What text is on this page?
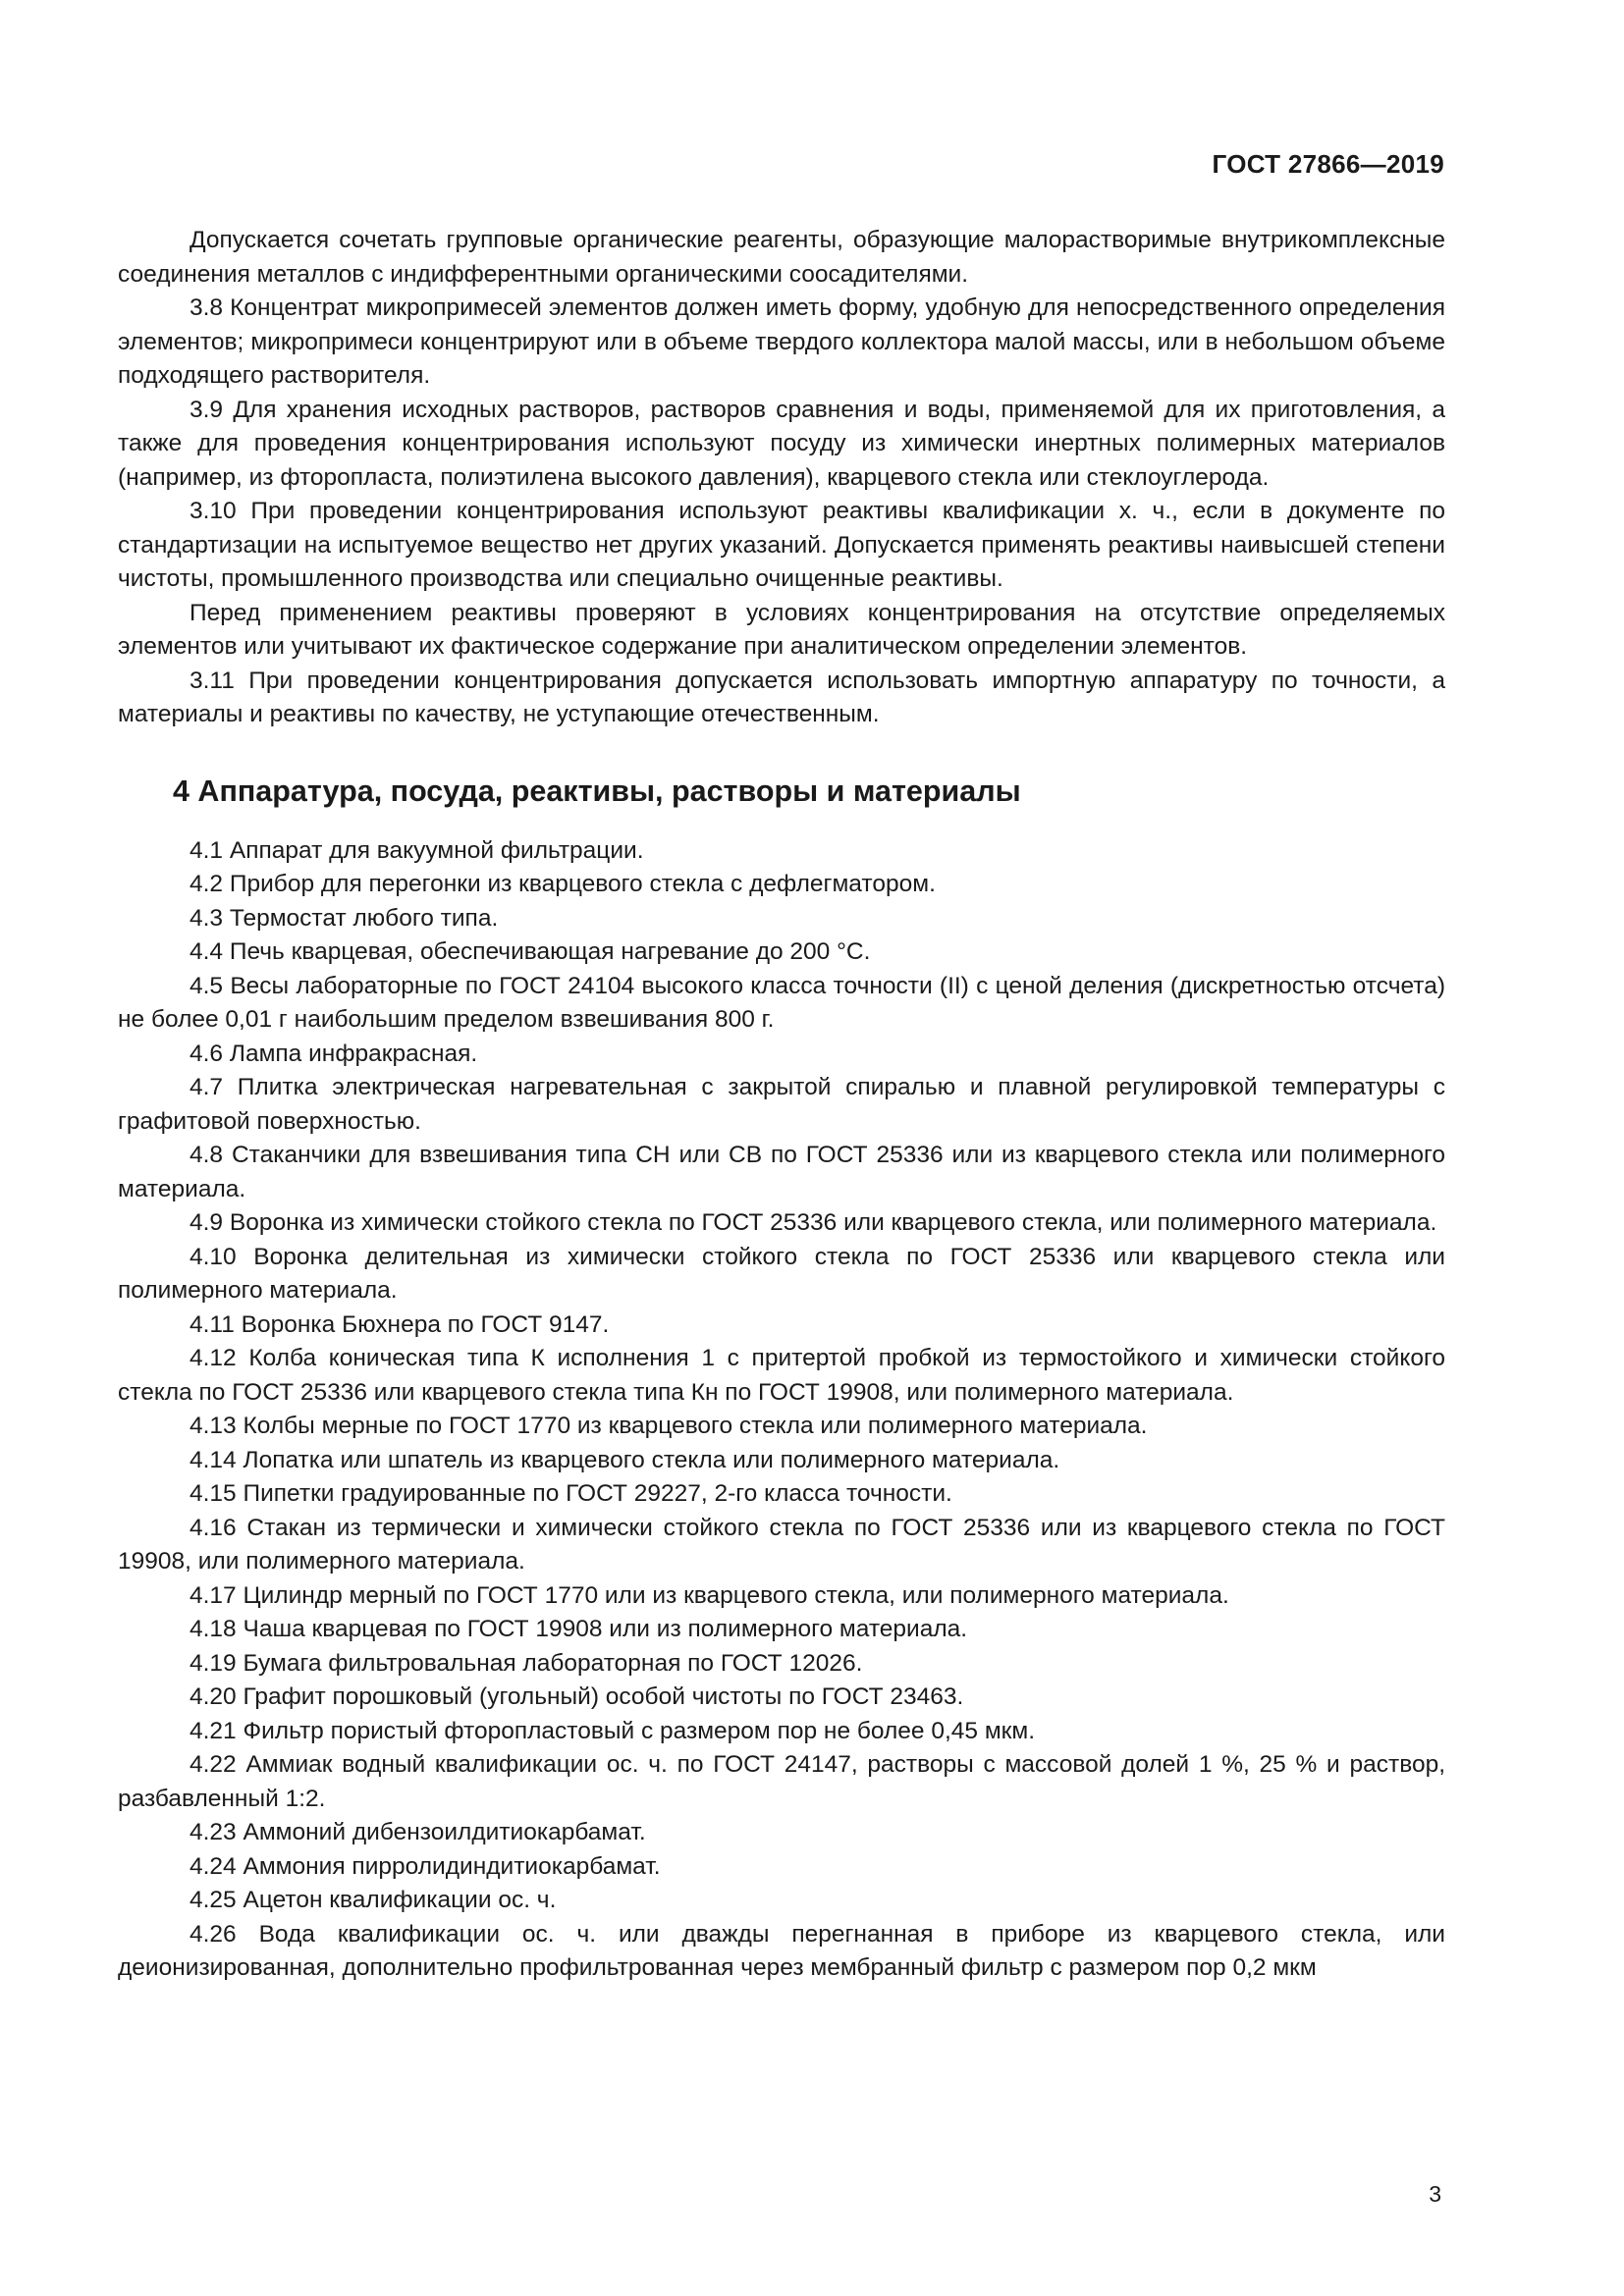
ГОСТ 27866—2019

Допускается сочетать групповые органические реагенты, образующие малорастворимые внутрикомплексные соединения металлов с индифферентными органическими соосадителями.

3.8 Концентрат микропримесей элементов должен иметь форму, удобную для непосредственного определения элементов; микропримеси концентрируют или в объеме твердого коллектора малой массы, или в небольшом объеме подходящего растворителя.

3.9 Для хранения исходных растворов, растворов сравнения и воды, применяемой для их приготовления, а также для проведения концентрирования используют посуду из химически инертных полимерных материалов (например, из фторопласта, полиэтилена высокого давления), кварцевого стекла или стеклоуглерода.

3.10 При проведении концентрирования используют реактивы квалификации х. ч., если в документе по стандартизации на испытуемое вещество нет других указаний. Допускается применять реактивы наивысшей степени чистоты, промышленного производства или специально очищенные реактивы.

Перед применением реактивы проверяют в условиях концентрирования на отсутствие определяемых элементов или учитывают их фактическое содержание при аналитическом определении элементов.

3.11 При проведении концентрирования допускается использовать импортную аппаратуру по точности, а материалы и реактивы по качеству, не уступающие отечественным.

4 Аппаратура, посуда, реактивы, растворы и материалы

4.1 Аппарат для вакуумной фильтрации.

4.2 Прибор для перегонки из кварцевого стекла с дефлегматором.

4.3 Термостат любого типа.

4.4 Печь кварцевая, обеспечивающая нагревание до 200 °С.

4.5 Весы лабораторные по ГОСТ 24104 высокого класса точности (II) с ценой деления (дискретностью отсчета) не более 0,01 г наибольшим пределом взвешивания 800 г.

4.6 Лампа инфракрасная.

4.7 Плитка электрическая нагревательная с закрытой спиралью и плавной регулировкой температуры с графитовой поверхностью.

4.8 Стаканчики для взвешивания типа СН или СВ по ГОСТ 25336 или из кварцевого стекла или полимерного материала.

4.9 Воронка из химически стойкого стекла по ГОСТ 25336 или кварцевого стекла, или полимерного материала.

4.10 Воронка делительная из химически стойкого стекла по ГОСТ 25336 или кварцевого стекла или полимерного материала.

4.11 Воронка Бюхнера по ГОСТ 9147.

4.12 Колба коническая типа К исполнения 1 с притертой пробкой из термостойкого и химически стойкого стекла по ГОСТ 25336 или кварцевого стекла типа Кн по ГОСТ 19908, или полимерного материала.

4.13 Колбы мерные по ГОСТ 1770 из кварцевого стекла или полимерного материала.

4.14 Лопатка или шпатель из кварцевого стекла или полимерного материала.

4.15 Пипетки градуированные по ГОСТ 29227, 2-го класса точности.

4.16 Стакан из термически и химически стойкого стекла по ГОСТ 25336 или из кварцевого стекла по ГОСТ 19908, или полимерного материала.

4.17 Цилиндр мерный по ГОСТ 1770 или из кварцевого стекла, или полимерного материала.

4.18 Чаша кварцевая по ГОСТ 19908 или из полимерного материала.

4.19 Бумага фильтровальная лабораторная по ГОСТ 12026.

4.20 Графит порошковый (угольный) особой чистоты по ГОСТ 23463.

4.21 Фильтр пористый фторопластовый с размером пор не более 0,45 мкм.

4.22 Аммиак водный квалификации ос. ч. по ГОСТ 24147, растворы с массовой долей 1 %, 25 % и раствор, разбавленный 1:2.

4.23 Аммоний дибензоилдитиокарбамат.

4.24 Аммония пирролидиндитиокарбамат.

4.25 Ацетон квалификации ос. ч.

4.26 Вода квалификации ос. ч. или дважды перегнанная в приборе из кварцевого стекла, или деионизированная, дополнительно профильтрованная через мембранный фильтр с размером пор 0,2 мкм

3
